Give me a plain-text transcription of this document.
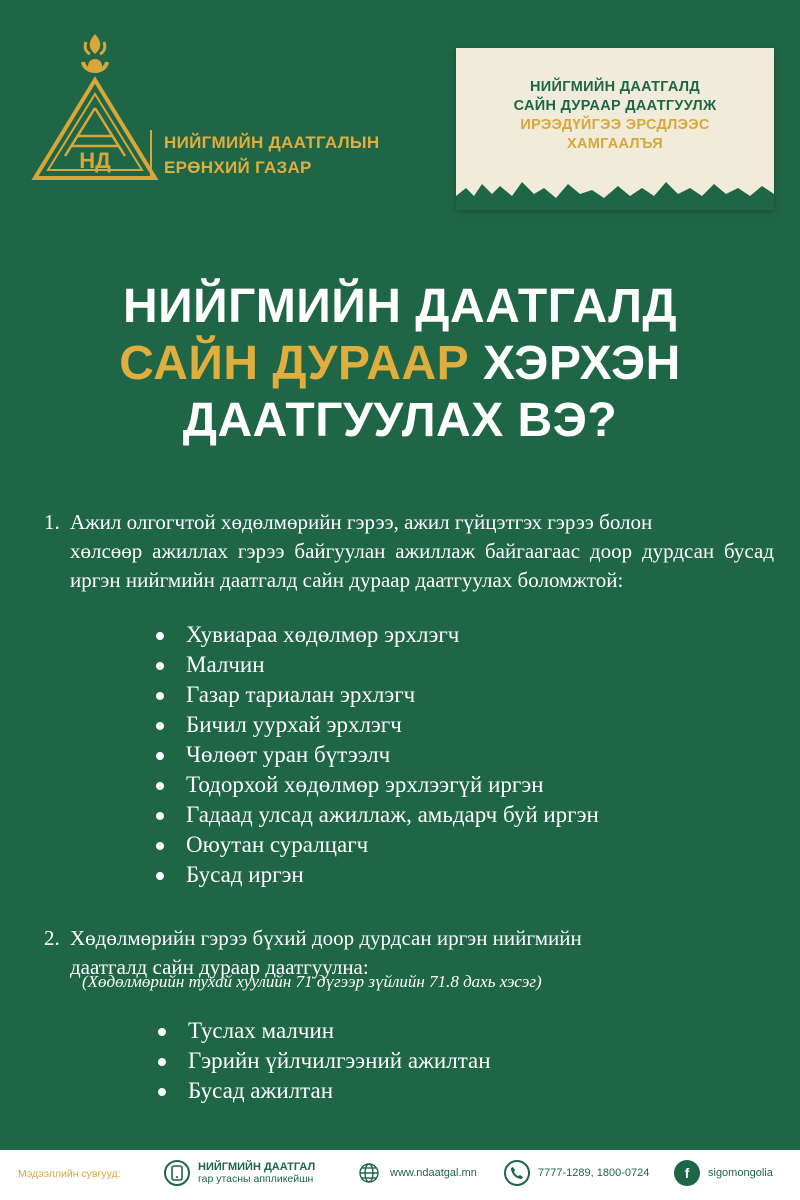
НД
НИЙГМИЙН ДААТГАЛЫН
ЕРӨНХИЙ ГАЗАР
НИЙГМИЙН ДААТГАЛД
САЙН ДУРААР ДААТГУУЛЖ
ИРЭЭДҮЙГЭЭ ЭРСДЛЭЭС
ХАМГААЛЪЯ
НИЙГМИЙН ДААТГАЛД
САЙН ДУРААР ХЭРХЭН
ДААТГУУЛАХ ВЭ?
1. Ажил олгогчтой хөдөлмөрийн гэрээ, ажил гүйцэтгэх гэрээ болон
хөлсөөр ажиллах гэрээ байгуулан ажиллаж байгаагаас доор дурдсан бусад иргэн нийгмийн даатгалд сайн дураар даатгуулах боломжтой:
Хувиараа хөдөлмөр эрхлэгч
Малчин
Газар тариалан эрхлэгч
Бичил уурхай эрхлэгч
Чөлөөт уран бүтээлч
Тодорхой хөдөлмөр эрхлээгүй иргэн
Гадаад улсад ажиллаж, амьдарч буй иргэн
Оюутан суралцагч
Бусад иргэн
2. Хөдөлмөрийн гэрээ бүхий доор дурдсан иргэн нийгмийн
даатгалд сайн дураар даатгуулна:
(Хөдөлмөрийн тухай хуулийн 71 дүгээр зүйлийн 71.8 дахь хэсэг)
Туслах малчин
Гэрийн үйлчилгээний ажилтан
Бусад ажилтан
Мэдээллийн сувгууд:
НИЙГМИЙН ДААТГАЛ
гар утасны аппликейшн	www.ndaatgal.mn	7777-1289, 1800-0724	f	sigomongolia
